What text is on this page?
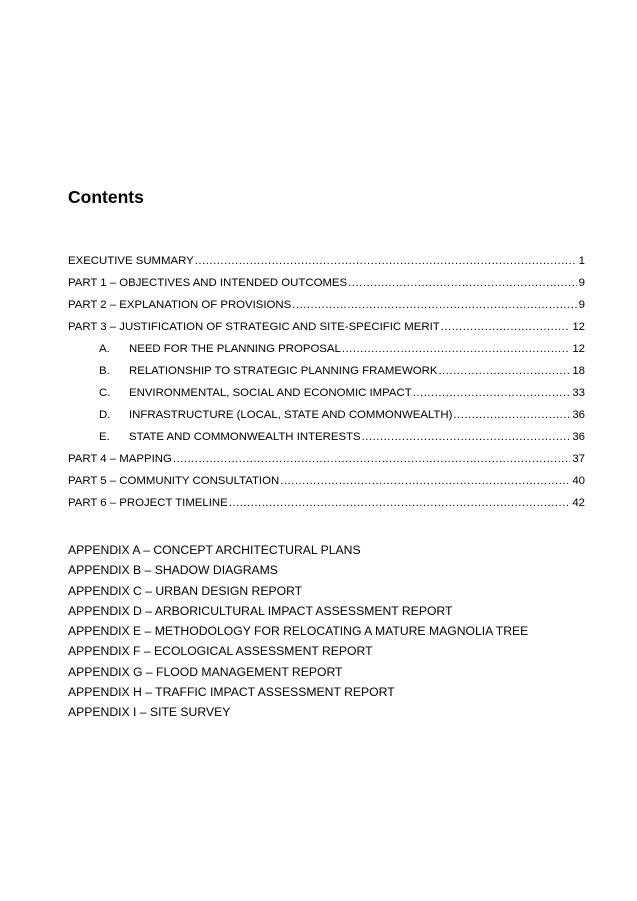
Contents
EXECUTIVE SUMMARY .....	1
PART 1 – OBJECTIVES AND INTENDED OUTCOMES .....	9
PART 2 – EXPLANATION OF PROVISIONS .....	9
PART 3 – JUSTIFICATION OF STRATEGIC AND SITE-SPECIFIC MERIT .....	12
A.	NEED FOR THE PLANNING PROPOSAL .....	12
B.	RELATIONSHIP TO STRATEGIC PLANNING FRAMEWORK .....	18
C.	ENVIRONMENTAL, SOCIAL AND ECONOMIC IMPACT .....	33
D.	INFRASTRUCTURE (LOCAL, STATE AND COMMONWEALTH) .....	36
E.	STATE AND COMMONWEALTH INTERESTS .....	36
PART 4 – MAPPING .....	37
PART 5 – COMMUNITY CONSULTATION .....	40
PART 6 – PROJECT TIMELINE .....	42
APPENDIX A – CONCEPT ARCHITECTURAL PLANS
APPENDIX B – SHADOW DIAGRAMS
APPENDIX C – URBAN DESIGN REPORT
APPENDIX D – ARBORICULTURAL IMPACT ASSESSMENT REPORT
APPENDIX E – METHODOLOGY FOR RELOCATING A MATURE MAGNOLIA TREE
APPENDIX F – ECOLOGICAL ASSESSMENT REPORT
APPENDIX G – FLOOD MANAGEMENT REPORT
APPENDIX H – TRAFFIC IMPACT ASSESSMENT REPORT
APPENDIX I – SITE SURVEY
